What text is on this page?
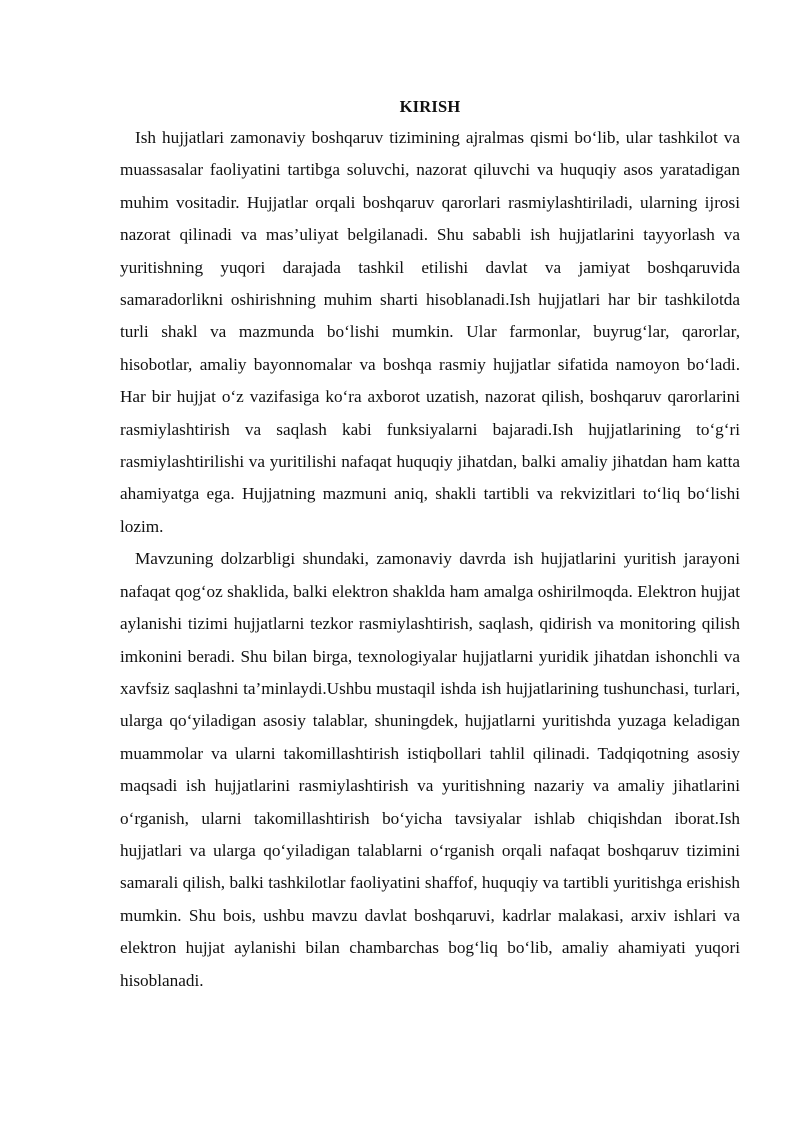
KIRISH

Ish hujjatlari zamonaviy boshqaruv tizimining ajralmas qismi bo‘lib, ular tashkilot va muassasalar faoliyatini tartibga soluvchi, nazorat qiluvchi va huquqiy asos yaratadigan muhim vositadir. Hujjatlar orqali boshqaruv qarorlari rasmiylashtiriladi, ularning ijrosi nazorat qilinadi va mas’uliyat belgilanadi. Shu sababli ish hujjatlarini tayyorlash va yuritishning yuqori darajada tashkil etilishi davlat va jamiyat boshqaruvida samaradorlikni oshirishning muhim sharti hisoblanadi.Ish hujjatlari har bir tashkilotda turli shakl va mazmunda bo‘lishi mumkin. Ular farmonlar, buyrug‘lar, qarorlar, hisobotlar, amaliy bayonnomalar va boshqa rasmiy hujjatlar sifatida namoyon bo‘ladi. Har bir hujjat o‘z vazifasiga ko‘ra axborot uzatish, nazorat qilish, boshqaruv qarorlarini rasmiylashtirish va saqlash kabi funksiyalarni bajaradi.Ish hujjatlarining to‘g‘ri rasmiylashtirilishi va yuritilishi nafaqat huquqiy jihatdan, balki amaliy jihatdan ham katta ahamiyatga ega. Hujjatning mazmuni aniq, shakli tartibli va rekvizitlari to‘liq bo‘lishi lozim.

Mavzuning dolzarbligi shundaki, zamonaviy davrda ish hujjatlarini yuritish jarayoni nafaqat qog‘oz shaklida, balki elektron shaklda ham amalga oshirilmoqda. Elektron hujjat aylanishi tizimi hujjatlarni tezkor rasmiylashtirish, saqlash, qidirish va monitoring qilish imkonini beradi. Shu bilan birga, texnologiyalar hujjatlarni yuridik jihatdan ishonchli va xavfsiz saqlashni ta’minlaydi.Ushbu mustaqil ishda ish hujjatlarining tushunchasi, turlari, ularga qo‘yiladigan asosiy talablar, shuningdek, hujjatlarni yuritishda yuzaga keladigan muammolar va ularni takomillashtirish istiqbollari tahlil qilinadi. Tadqiqotning asosiy maqsadi ish hujjatlarini rasmiylashtirish va yuritishning nazariy va amaliy jihatlarini o‘rganish, ularni takomillashtirish bo‘yicha tavsiyalar ishlab chiqishdan iborat.Ish hujjatlari va ularga qo‘yiladigan talablarni o‘rganish orqali nafaqat boshqaruv tizimini samarali qilish, balki tashkilotlar faoliyatini shaffof, huquqiy va tartibli yuritishga erishish mumkin. Shu bois, ushbu mavzu davlat boshqaruvi, kadrlar malakasi, arxiv ishlari va elektron hujjat aylanishi bilan chambarchas bog‘liq bo‘lib, amaliy ahamiyati yuqori hisoblanadi.
